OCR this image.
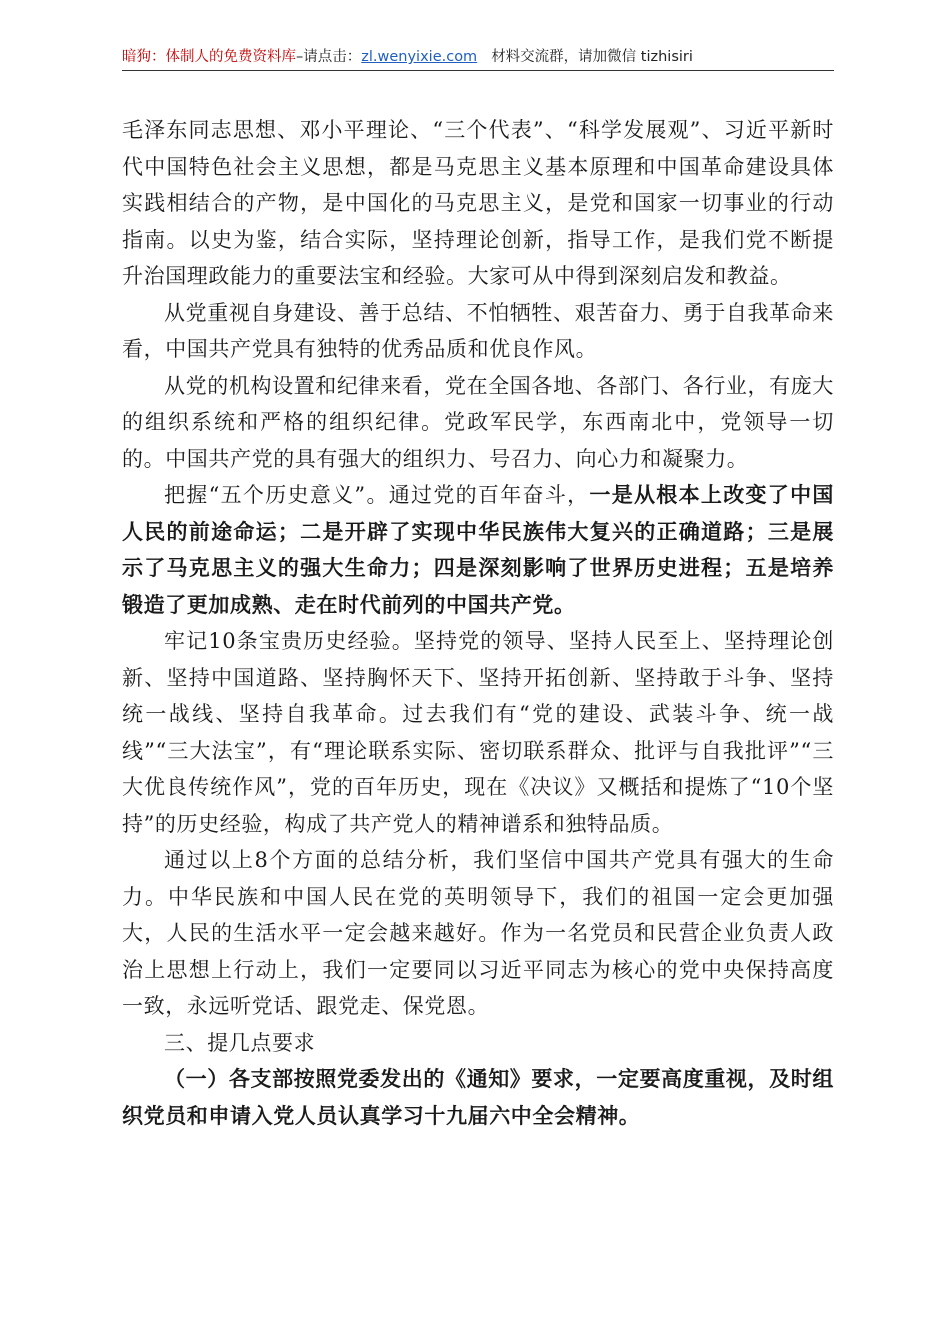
暗狗：体制人的免费资料库–请点击：zl.wenyixie.com 材料交流群，请加微信 tizhisiri

毛泽东同志思想、邓小平理论、“三个代表”、“科学发展观”、习近平新时代中国特色社会主义思想，都是马克思主义基本原理和中国革命建设具体实践相结合的产物，是中国化的马克思主义，是党和国家一切事业的行动指南。以史为鉴，结合实际，坚持理论创新，指导工作，是我们党不断提升治国理政能力的重要法宝和经验。大家可从中得到深刻启发和教益。

从党重视自身建设、善于总结、不怕牺牲、艰苦奋力、勇于自我革命来看，中国共产党具有独特的优秀品质和优良作风。

从党的机构设置和纪律来看，党在全国各地、各部门、各行业，有庞大的组织系统和严格的组织纪律。党政军民学，东西南北中，党领导一切的。中国共产党的具有强大的组织力、号召力、向心力和凝聚力。

把握“五个历史意义”。通过党的百年奋斗，一是从根本上改变了中国人民的前途命运；二是开辟了实现中华民族伟大复兴的正确道路；三是展示了马克思主义的强大生命力；四是深刻影响了世界历史进程；五是培养锻造了更加成熟、走在时代前列的中国共产党。

牢记10条宝贵历史经验。坚持党的领导、坚持人民至上、坚持理论创新、坚持中国道路、坚持胸怀天下、坚持开拓创新、坚持敢于斗争、坚持统一战线、坚持自我革命。过去我们有“党的建设、武装斗争、统一战线”“三大法宝”，有“理论联系实际、密切联系群众、批评与自我批评”“三大优良传统作风”，党的百年历史，现在《决议》又概括和提炼了“10个坚持”的历史经验，构成了共产党人的精神谱系和独特品质。

通过以上8个方面的总结分析，我们坚信中国共产党具有强大的生命力。中华民族和中国人民在党的英明领导下，我们的祖国一定会更加强大，人民的生活水平一定会越来越好。作为一名党员和民营企业负责人政治上思想上行动上，我们一定要同以习近平同志为核心的党中央保持高度一致，永远听党话、跟党走、保党恩。

三、提几点要求

（一）各支部按照党委发出的《通知》要求，一定要高度重视，及时组织党员和申请入党人员认真学习十九届六中全会精神。
